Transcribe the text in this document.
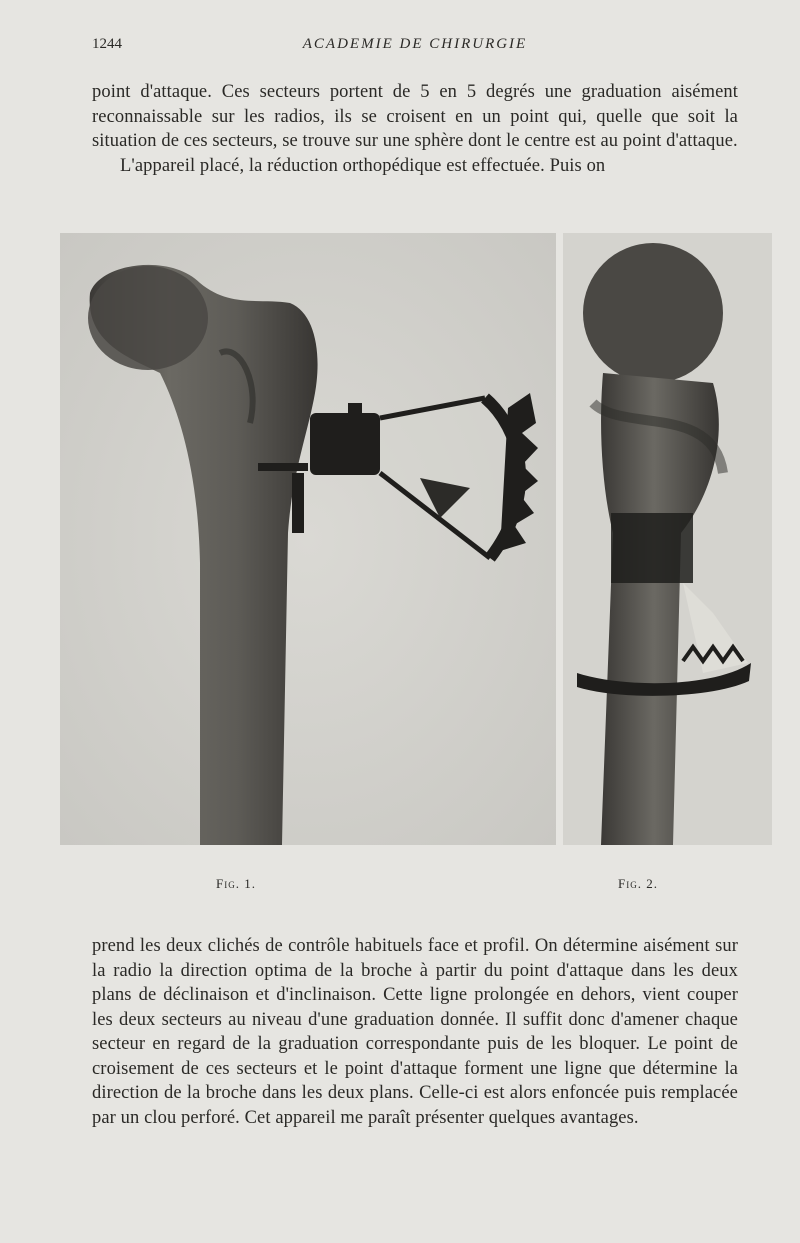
1244	ACADEMIE DE CHIRURGIE

point d'attaque. Ces secteurs portent de 5 en 5 degrés une graduation aisément reconnaissable sur les radios, ils se croisent en un point qui, quelle que soit la situation de ces secteurs, se trouve sur une sphère dont le centre est au point d'attaque.

L'appareil placé, la réduction orthopédique est effectuée. Puis on

Fig. 1.	Fig. 2.

prend les deux clichés de contrôle habituels face et profil. On détermine aisément sur la radio la direction optima de la broche à partir du point d'attaque dans les deux plans de déclinaison et d'inclinaison. Cette ligne prolongée en dehors, vient couper les deux secteurs au niveau d'une graduation donnée. Il suffit donc d'amener chaque secteur en regard de la graduation correspondante puis de les bloquer. Le point de croisement de ces secteurs et le point d'attaque forment une ligne que détermine la direction de la broche dans les deux plans. Celle-ci est alors enfoncée puis remplacée par un clou perforé. Cet appareil me paraît présenter quelques avantages.
